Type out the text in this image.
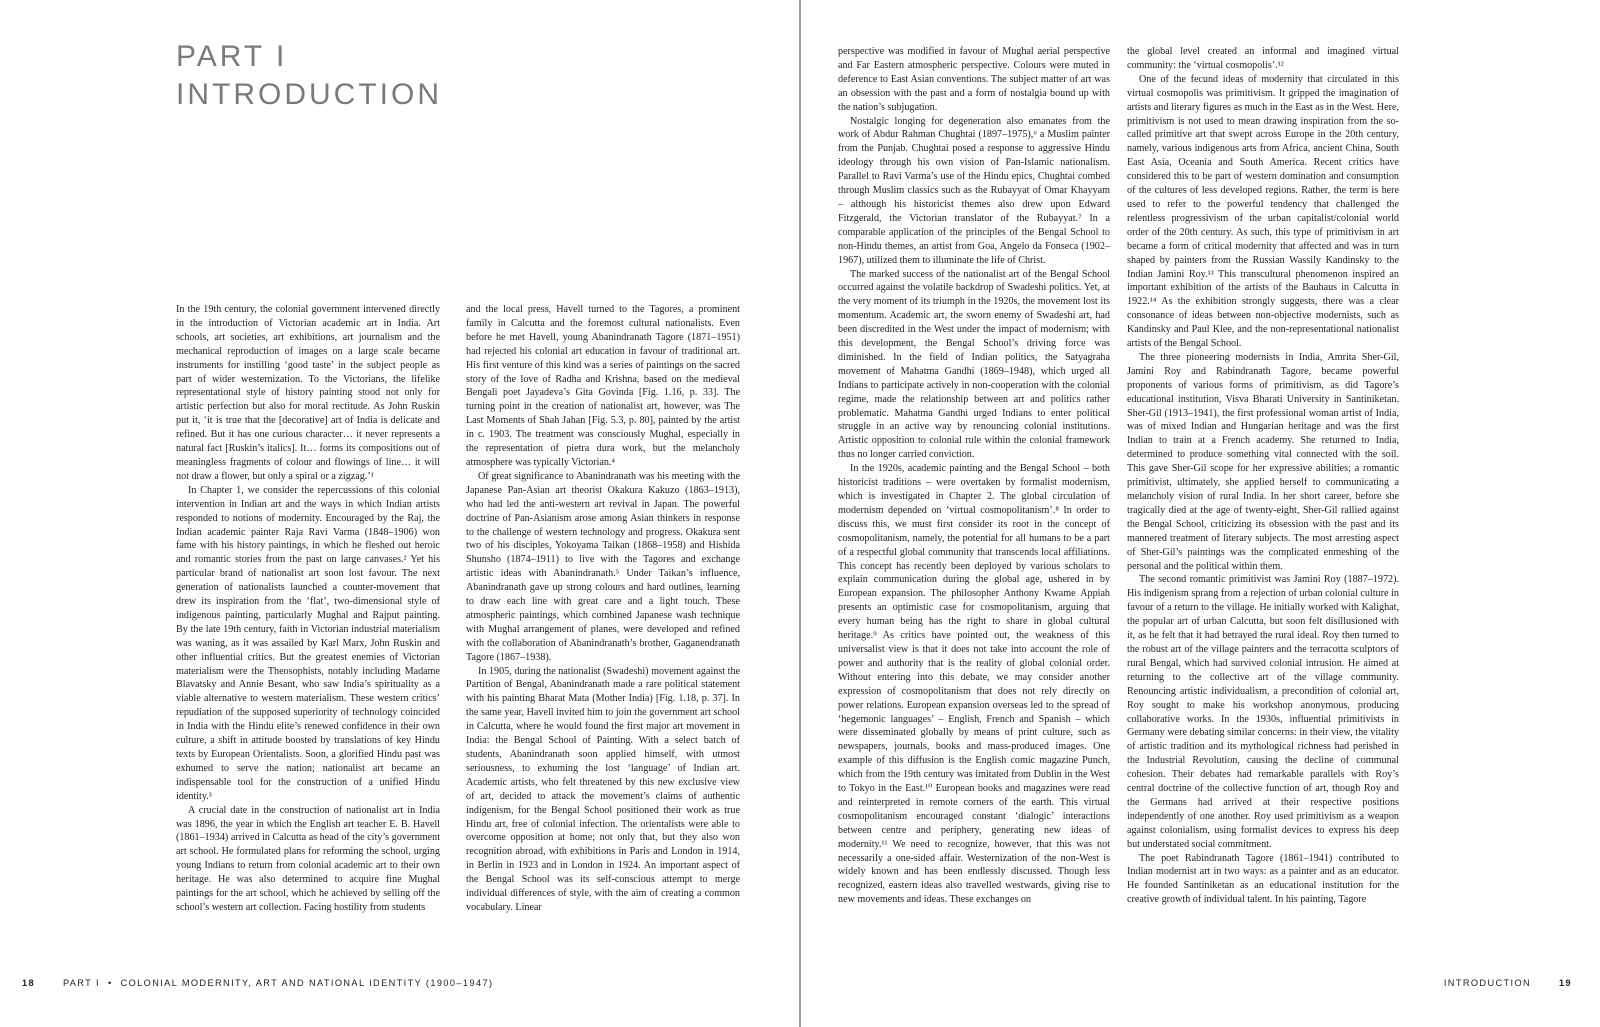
PART I
INTRODUCTION

In the 19th century, the colonial government intervened directly in the introduction of Victorian academic art in India. Art schools, art societies, art exhibitions, art journalism and the mechanical reproduction of images on a large scale became instruments for instilling ‘good taste’ in the subject people as part of wider westernization. To the Victorians, the lifelike representational style of history painting stood not only for artistic perfection but also for moral rectitude. As John Ruskin put it, ‘it is true that the [decorative] art of India is delicate and refined. But it has one curious character… it never represents a natural fact [Ruskin’s italics]. It… forms its compositions out of meaningless fragments of colour and flowings of line… it will not draw a flower, but only a spiral or a zigzag.’¹

In Chapter 1, we consider the repercussions of this colonial intervention in Indian art and the ways in which Indian artists responded to notions of modernity. Encouraged by the Raj, the Indian academic painter Raja Ravi Varma (1848–1906) won fame with his history paintings, in which he fleshed out heroic and romantic stories from the past on large canvases.² Yet his particular brand of nationalist art soon lost favour. The next generation of nationalists launched a counter-movement that drew its inspiration from the ‘flat’, two-dimensional style of indigenous painting, particularly Mughal and Rajput painting. By the late 19th century, faith in Victorian industrial materialism was waning, as it was assailed by Karl Marx, John Ruskin and other influential critics. But the greatest enemies of Victorian materialism were the Theosophists, notably including Madame Blavatsky and Annie Besant, who saw India’s spirituality as a viable alternative to western materialism. These western critics’ repudiation of the supposed superiority of technology coincided in India with the Hindu elite’s renewed confidence in their own culture, a shift in attitude boosted by translations of key Hindu texts by European Orientalists. Soon, a glorified Hindu past was exhumed to serve the nation; nationalist art became an indispensable tool for the construction of a unified Hindu identity.³

A crucial date in the construction of nationalist art in India was 1896, the year in which the English art teacher E. B. Havell (1861–1934) arrived in Calcutta as head of the city’s government art school. He formulated plans for reforming the school, urging young Indians to return from colonial academic art to their own heritage. He was also determined to acquire fine Mughal paintings for the art school, which he achieved by selling off the school’s western art collection. Facing hostility from students

and the local press, Havell turned to the Tagores, a prominent family in Calcutta and the foremost cultural nationalists. Even before he met Havell, young Abanindranath Tagore (1871–1951) had rejected his colonial art education in favour of traditional art. His first venture of this kind was a series of paintings on the sacred story of the love of Radha and Krishna, based on the medieval Bengali poet Jayadeva’s Gita Govinda [Fig. 1.16, p. 33]. The turning point in the creation of nationalist art, however, was The Last Moments of Shah Jahan [Fig. 5.3, p. 80], painted by the artist in c. 1903. The treatment was consciously Mughal, especially in the representation of pietra dura work, but the melancholy atmosphere was typically Victorian.⁴

Of great significance to Abanindranath was his meeting with the Japanese Pan-Asian art theorist Okakura Kakuzo (1863–1913), who had led the anti-western art revival in Japan. The powerful doctrine of Pan-Asianism arose among Asian thinkers in response to the challenge of western technology and progress. Okakura sent two of his disciples, Yokoyama Taikan (1868–1958) and Hishida Shunsho (1874–1911) to live with the Tagores and exchange artistic ideas with Abanindranath.⁵ Under Taikan’s influence, Abanindranath gave up strong colours and hard outlines, learning to draw each line with great care and a light touch. These atmospheric paintings, which combined Japanese wash technique with Mughal arrangement of planes, were developed and refined with the collaboration of Abanindranath’s brother, Gaganendranath Tagore (1867–1938).

In 1905, during the nationalist (Swadeshi) movement against the Partition of Bengal, Abanindranath made a rare political statement with his painting Bharat Mata (Mother India) [Fig. 1.18, p. 37]. In the same year, Havell invited him to join the government art school in Calcutta, where he would found the first major art movement in India: the Bengal School of Painting. With a select batch of students, Abanindranath soon applied himself, with utmost seriousness, to exhuming the lost ‘language’ of Indian art. Academic artists, who felt threatened by this new exclusive view of art, decided to attack the movement’s claims of authentic indigenism, for the Bengal School positioned their work as true Hindu art, free of colonial infection. The orientalists were able to overcome opposition at home; not only that, but they also won recognition abroad, with exhibitions in Paris and London in 1914, in Berlin in 1923 and in London in 1924. An important aspect of the Bengal School was its self-conscious attempt to merge individual differences of style, with the aim of creating a common vocabulary. Linear

18	PART I • COLONIAL MODERNITY, ART AND NATIONAL IDENTITY (1900–1947)

perspective was modified in favour of Mughal aerial perspective and Far Eastern atmospheric perspective. Colours were muted in deference to East Asian conventions. The subject matter of art was an obsession with the past and a form of nostalgia bound up with the nation’s subjugation.

Nostalgic longing for degeneration also emanates from the work of Abdur Rahman Chughtai (1897–1975),⁶ a Muslim painter from the Punjab. Chughtai posed a response to aggressive Hindu ideology through his own vision of Pan-Islamic nationalism. Parallel to Ravi Varma’s use of the Hindu epics, Chughtai combed through Muslim classics such as the Rubayyat of Omar Khayyam – although his historicist themes also drew upon Edward Fitzgerald, the Victorian translator of the Rubayyat.⁷ In a comparable application of the principles of the Bengal School to non-Hindu themes, an artist from Goa, Angelo da Fonseca (1902–1967), utilized them to illuminate the life of Christ.

The marked success of the nationalist art of the Bengal School occurred against the volatile backdrop of Swadeshi politics. Yet, at the very moment of its triumph in the 1920s, the movement lost its momentum. Academic art, the sworn enemy of Swadeshi art, had been discredited in the West under the impact of modernism; with this development, the Bengal School’s driving force was diminished. In the field of Indian politics, the Satyagraha movement of Mahatma Gandhi (1869–1948), which urged all Indians to participate actively in non-cooperation with the colonial regime, made the relationship between art and politics rather problematic. Mahatma Gandhi urged Indians to enter political struggle in an active way by renouncing colonial institutions. Artistic opposition to colonial rule within the colonial framework thus no longer carried conviction.

In the 1920s, academic painting and the Bengal School – both historicist traditions – were overtaken by formalist modernism, which is investigated in Chapter 2. The global circulation of modernism depended on ‘virtual cosmopolitanism’.⁸ In order to discuss this, we must first consider its root in the concept of cosmopolitanism, namely, the potential for all humans to be a part of a respectful global community that transcends local affiliations. This concept has recently been deployed by various scholars to explain communication during the global age, ushered in by European expansion. The philosopher Anthony Kwame Appiah presents an optimistic case for cosmopolitanism, arguing that every human being has the right to share in global cultural heritage.⁹ As critics have pointed out, the weakness of this universalist view is that it does not take into account the role of power and authority that is the reality of global colonial order. Without entering into this debate, we may consider another expression of cosmopolitanism that does not rely directly on power relations. European expansion overseas led to the spread of ‘hegemonic languages’ – English, French and Spanish – which were disseminated globally by means of print culture, such as newspapers, journals, books and mass-produced images. One example of this diffusion is the English comic magazine Punch, which from the 19th century was imitated from Dublin in the West to Tokyo in the East.¹⁰ European books and magazines were read and reinterpreted in remote corners of the earth. This virtual cosmopolitanism encouraged constant ‘dialogic’ interactions between centre and periphery, generating new ideas of modernity.¹¹ We need to recognize, however, that this was not necessarily a one-sided affair. Westernization of the non-West is widely known and has been endlessly discussed. Though less recognized, eastern ideas also travelled westwards, giving rise to new movements and ideas. These exchanges on

the global level created an informal and imagined virtual community: the ‘virtual cosmopolis’.¹²

One of the fecund ideas of modernity that circulated in this virtual cosmopolis was primitivism. It gripped the imagination of artists and literary figures as much in the East as in the West. Here, primitivism is not used to mean drawing inspiration from the so-called primitive art that swept across Europe in the 20th century, namely, various indigenous arts from Africa, ancient China, South East Asia, Oceania and South America. Recent critics have considered this to be part of western domination and consumption of the cultures of less developed regions. Rather, the term is here used to refer to the powerful tendency that challenged the relentless progressivism of the urban capitalist/colonial world order of the 20th century. As such, this type of primitivism in art became a form of critical modernity that affected and was in turn shaped by painters from the Russian Wassily Kandinsky to the Indian Jamini Roy.¹³ This transcultural phenomenon inspired an important exhibition of the artists of the Bauhaus in Calcutta in 1922.¹⁴ As the exhibition strongly suggests, there was a clear consonance of ideas between non-objective modernists, such as Kandinsky and Paul Klee, and the non-representational nationalist artists of the Bengal School.

The three pioneering modernists in India, Amrita Sher-Gil, Jamini Roy and Rabindranath Tagore, became powerful proponents of various forms of primitivism, as did Tagore’s educational institution, Visva Bharati University in Santiniketan. Sher-Gil (1913–1941), the first professional woman artist of India, was of mixed Indian and Hungarian heritage and was the first Indian to train at a French academy. She returned to India, determined to produce something vital connected with the soil. This gave Sher-Gil scope for her expressive abilities; a romantic primitivist, ultimately, she applied herself to communicating a melancholy vision of rural India. In her short career, before she tragically died at the age of twenty-eight, Sher-Gil rallied against the Bengal School, criticizing its obsession with the past and its mannered treatment of literary subjects. The most arresting aspect of Sher-Gil’s paintings was the complicated enmeshing of the personal and the political within them.

The second romantic primitivist was Jamini Roy (1887–1972). His indigenism sprang from a rejection of urban colonial culture in favour of a return to the village. He initially worked with Kalighat, the popular art of urban Calcutta, but soon felt disillusioned with it, as he felt that it had betrayed the rural ideal. Roy then turned to the robust art of the village painters and the terracotta sculptors of rural Bengal, which had survived colonial intrusion. He aimed at returning to the collective art of the village community. Renouncing artistic individualism, a precondition of colonial art, Roy sought to make his workshop anonymous, producing collaborative works. In the 1930s, influential primitivists in Germany were debating similar concerns: in their view, the vitality of artistic tradition and its mythological richness had perished in the Industrial Revolution, causing the decline of communal cohesion. Their debates had remarkable parallels with Roy’s central doctrine of the collective function of art, though Roy and the Germans had arrived at their respective positions independently of one another. Roy used primitivism as a weapon against colonialism, using formalist devices to express his deep but understated social commitment.

The poet Rabindranath Tagore (1861–1941) contributed to Indian modernist art in two ways: as a painter and as an educator. He founded Santiniketan as an educational institution for the creative growth of individual talent. In his painting, Tagore

INTRODUCTION	19
